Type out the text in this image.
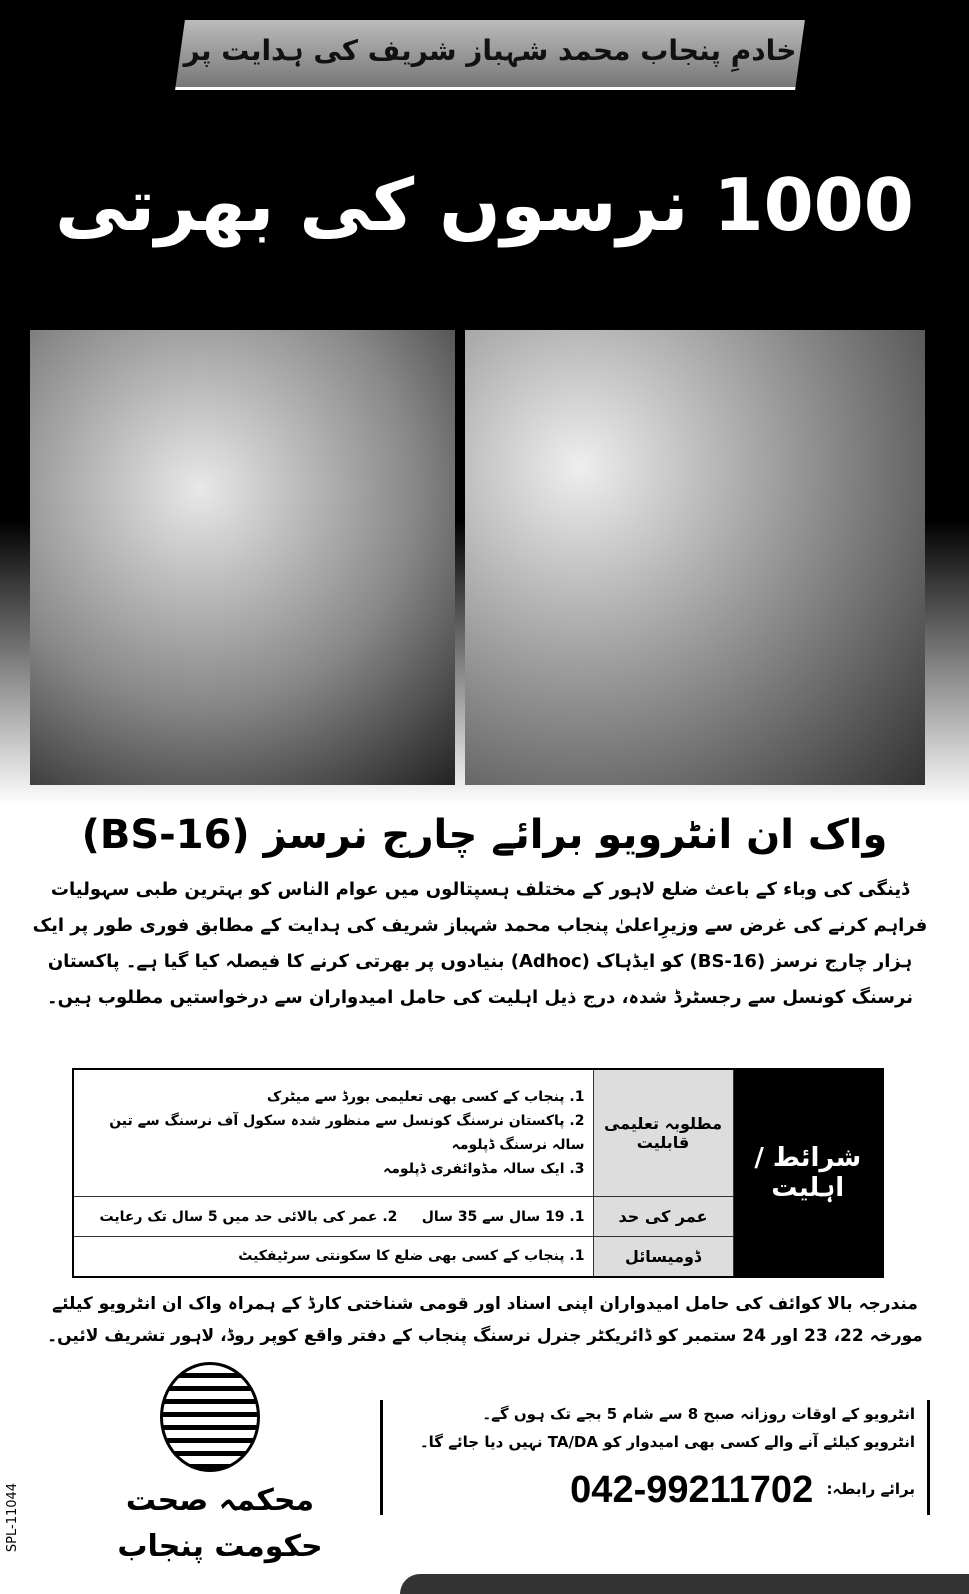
خادمِ پنجاب محمد شہباز شریف کی ہدایت پر
1000 نرسوں کی بھرتی
واک ان انٹرویو برائے چارج نرسز (BS-16)
ڈینگی کی وباء کے باعث ضلع لاہور کے مختلف ہسپتالوں میں عوام الناس کو بہترین طبی سہولیات فراہم کرنے کی غرض سے وزیرِاعلیٰ پنجاب محمد شہباز شریف کی ہدایت کے مطابق فوری طور پر ایک ہزار چارج نرسز (BS-16) کو ایڈہاک (Adhoc) بنیادوں پر بھرتی کرنے کا فیصلہ کیا گیا ہے۔ پاکستان نرسنگ کونسل سے رجسٹرڈ شدہ، درج ذیل اہلیت کی حامل امیدواران سے درخواستیں مطلوب ہیں۔
شرائط / اہلیت	مطلوبہ تعلیمی قابلیت	1. پنجاب کے کسی بھی تعلیمی بورڈ سے میٹرک
2. پاکستان نرسنگ کونسل سے منظور شدہ سکول آف نرسنگ سے تین سالہ نرسنگ ڈپلومہ
3. ایک سالہ مڈوائفری ڈپلومہ

	عمر کی حد	1. 19 سال سے 35 سال     2. عمر کی بالائی حد میں 5 سال تک رعایت

	ڈومیسائل	1. پنجاب کے کسی بھی ضلع کا سکونتی سرٹیفکیٹ
مندرجہ بالا کوائف کی حامل امیدواران اپنی اسناد اور قومی شناختی کارڈ کے ہمراہ واک ان انٹرویو کیلئے
مورخہ 22، 23 اور 24 ستمبر کو ڈائریکٹر جنرل نرسنگ پنجاب کے دفتر واقع کوپر روڈ، لاہور تشریف لائیں۔
محکمہ صحت
حکومت پنجاب
SPL-11044
انٹرویو کے اوقات روزانہ صبح 8 سے شام 5 بجے تک ہوں گے۔
انٹرویو کیلئے آنے والے کسی بھی امیدوار کو TA/DA نہیں دیا جائے گا۔
برائے رابطہ: 042-99211702
